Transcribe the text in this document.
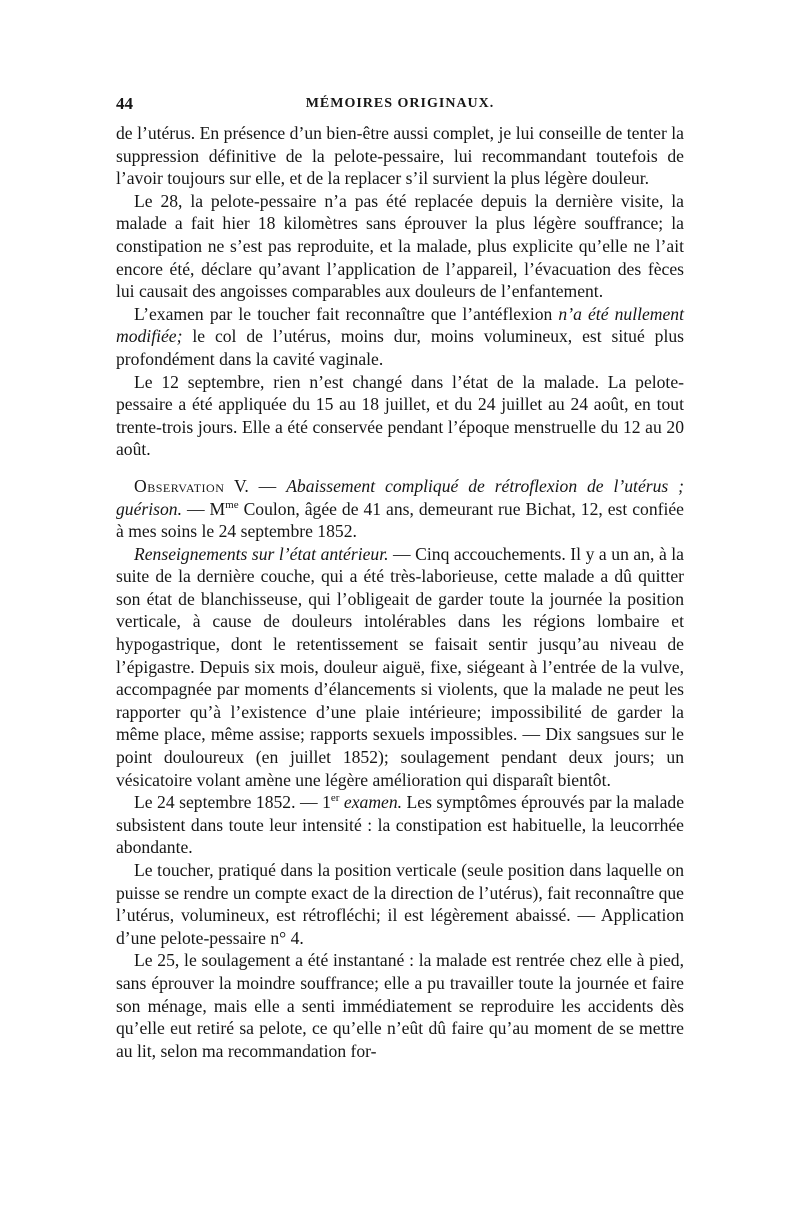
44	MÉMOIRES ORIGINAUX.

de l’utérus. En présence d’un bien-être aussi complet, je lui conseille de tenter la suppression définitive de la pelote-pessaire, lui recommandant toutefois de l’avoir toujours sur elle, et de la replacer s’il survient la plus légère douleur.

Le 28, la pelote-pessaire n’a pas été replacée depuis la dernière visite, la malade a fait hier 18 kilomètres sans éprouver la plus légère souffrance; la constipation ne s’est pas reproduite, et la malade, plus explicite qu’elle ne l’ait encore été, déclare qu’avant l’application de l’appareil, l’évacuation des fèces lui causait des angoisses comparables aux douleurs de l’enfantement.

L’examen par le toucher fait reconnaître que l’antéflexion n’a été nullement modifiée; le col de l’utérus, moins dur, moins volumineux, est situé plus profondément dans la cavité vaginale.

Le 12 septembre, rien n’est changé dans l’état de la malade. La pelote-pessaire a été appliquée du 15 au 18 juillet, et du 24 juillet au 24 août, en tout trente-trois jours. Elle a été conservée pendant l’époque menstruelle du 12 au 20 août.

Observation V. — Abaissement compliqué de rétroflexion de l’utérus ; guérison. — $M^{me}$ Coulon, âgée de 41 ans, demeurant rue Bichat, 12, est confiée à mes soins le 24 septembre 1852.

Renseignements sur l’état antérieur. — Cinq accouchements. Il y a un an, à la suite de la dernière couche, qui a été très-laborieuse, cette malade a dû quitter son état de blanchisseuse, qui l’obligeait de garder toute la journée la position verticale, à cause de douleurs intolérables dans les régions lombaire et hypogastrique, dont le retentissement se faisait sentir jusqu’au niveau de l’épigastre. Depuis six mois, douleur aiguë, fixe, siégeant à l’entrée de la vulve, accompagnée par moments d’élancements si violents, que la malade ne peut les rapporter qu’à l’existence d’une plaie intérieure; impossibilité de garder la même place, même assise; rapports sexuels impossibles. — Dix sangsues sur le point douloureux (en juillet 1852); soulagement pendant deux jours; un vésicatoire volant amène une légère amélioration qui disparaît bientôt.

Le 24 septembre 1852. — 1er examen. Les symptômes éprouvés par la malade subsistent dans toute leur intensité : la constipation est habituelle, la leucorrhée abondante.

Le toucher, pratiqué dans la position verticale (seule position dans laquelle on puisse se rendre un compte exact de la direction de l’utérus), fait reconnaître que l’utérus, volumineux, est rétrofléchi; il est légèrement abaissé. — Application d’une pelote-pessaire n° 4.

Le 25, le soulagement a été instantané : la malade est rentrée chez elle à pied, sans éprouver la moindre souffrance; elle a pu travailler toute la journée et faire son ménage, mais elle a senti immédiatement se reproduire les accidents dès qu’elle eut retiré sa pelote, ce qu’elle n’eût dû faire qu’au moment de se mettre au lit, selon ma recommandation for-
